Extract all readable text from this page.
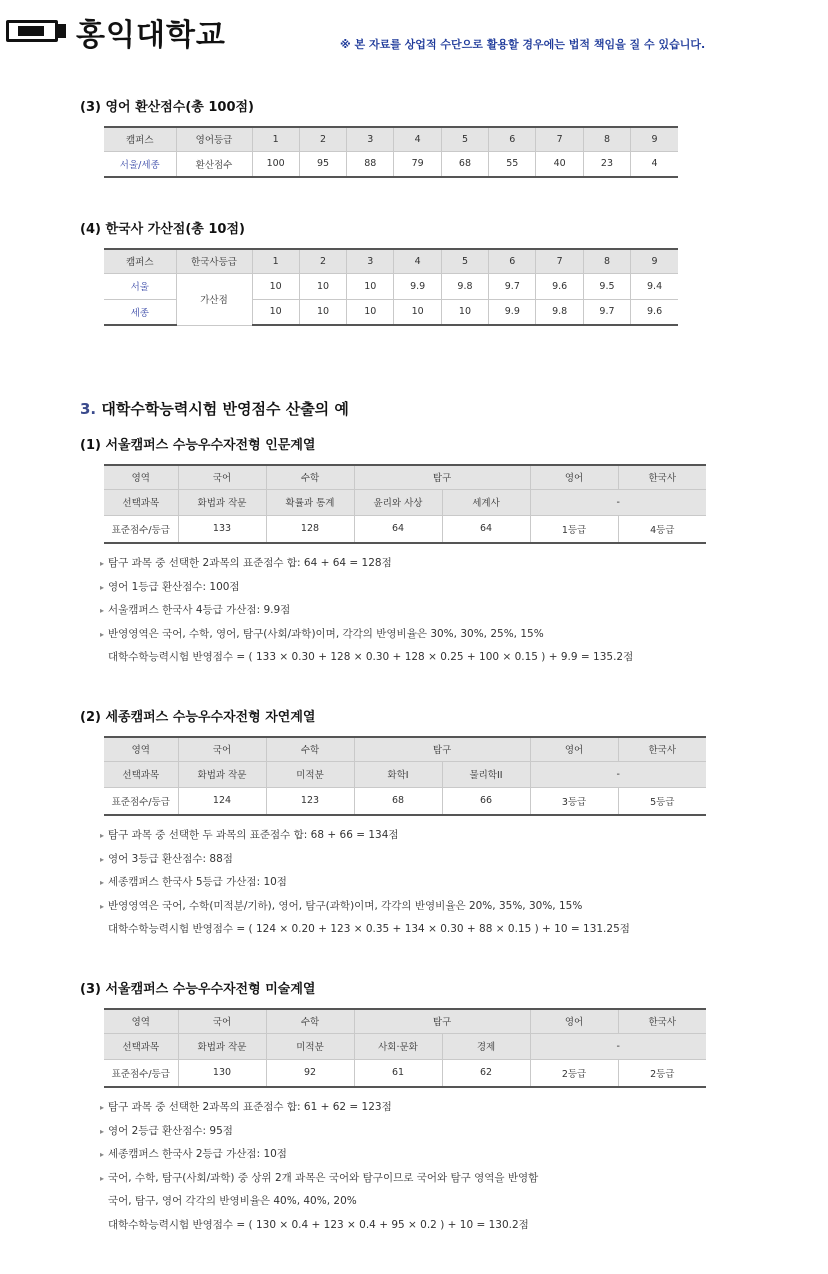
홍익대학교	※ 본 자료를 상업적 수단으로 활용할 경우에는 법적 책임을 질 수 있습니다.
(3) 영어 환산점수(총 100점)
캠퍼스	영어등급	1	2	3	4	5	6	7	8	9
서울/세종	환산점수	100	95	88	79	68	55	40	23	4
(4) 한국사 가산점(총 10점)
캠퍼스	한국사등급	1	2	3	4	5	6	7	8	9
서울	가산점	10	10	10	9.9	9.8	9.7	9.6	9.5	9.4
세종		10	10	10	10	10	9.9	9.8	9.7	9.6
3. 대학수학능력시험 반영점수 산출의 예
(1) 서울캠퍼스 수능우수자전형 인문계열
영역	국어	수학	탐구		영어	한국사
선택과목	화법과 작문	확률과 통계	윤리와 사상	세계사	-	
표준점수/등급	133	128	64	64	1등급	4등급
▸ 탐구 과목 중 선택한 2과목의 표준점수 합: 64 + 64 = 128점
▸ 영어 1등급 환산점수: 100점
▸ 서울캠퍼스 한국사 4등급 가산점: 9.9점
▸ 반영영역은 국어, 수학, 영어, 탐구(사회/과학)이며, 각각의 반영비율은 30%, 30%, 25%, 15%
대학수학능력시험 반영점수 = ( 133 × 0.30 + 128 × 0.30 + 128 × 0.25 + 100 × 0.15 ) + 9.9 = 135.2점
(2) 세종캠퍼스 수능우수자전형 자연계열
영역	국어	수학	탐구		영어	한국사
선택과목	화법과 작문	미적분	화학I	물리학II	-	
표준점수/등급	124	123	68	66	3등급	5등급
▸ 탐구 과목 중 선택한 두 과목의 표준점수 합: 68 + 66 = 134점
▸ 영어 3등급 환산점수: 88점
▸ 세종캠퍼스 한국사 5등급 가산점: 10점
▸ 반영영역은 국어, 수학(미적분/기하), 영어, 탐구(과학)이며, 각각의 반영비율은 20%, 35%, 30%, 15%
대학수학능력시험 반영점수 = ( 124 × 0.20 + 123 × 0.35 + 134 × 0.30 + 88 × 0.15 ) + 10 = 131.25점
(3) 서울캠퍼스 수능우수자전형 미술계열
영역	국어	수학	탐구		영어	한국사
선택과목	화법과 작문	미적분	사회·문화	경제	-	
표준점수/등급	130	92	61	62	2등급	2등급
▸ 탐구 과목 중 선택한 2과목의 표준점수 합: 61 + 62 = 123점
▸ 영어 2등급 환산점수: 95점
▸ 세종캠퍼스 한국사 2등급 가산점: 10점
▸ 국어, 수학, 탐구(사회/과학) 중 상위 2개 과목은 국어와 탐구이므로 국어와 탐구 영역을 반영함
국어, 탐구, 영어 각각의 반영비율은 40%, 40%, 20%
대학수학능력시험 반영점수 = ( 130 × 0.4 + 123 × 0.4 + 95 × 0.2 ) + 10 = 130.2점
